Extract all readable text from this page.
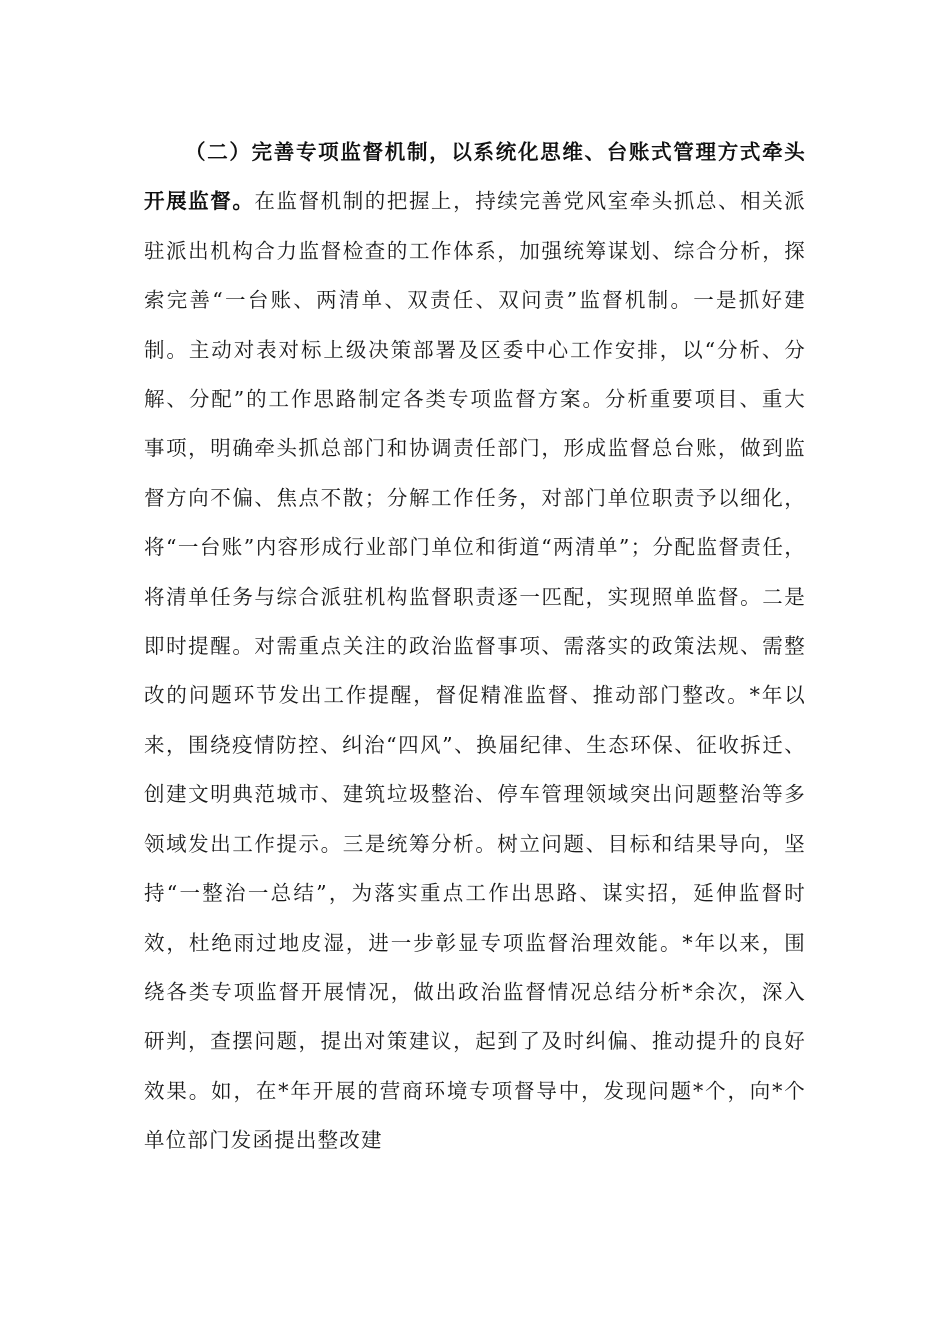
（二）完善专项监督机制，以系统化思维、台账式管理方式牵头开展监督。在监督机制的把握上，持续完善党风室牵头抓总、相关派驻派出机构合力监督检查的工作体系，加强统筹谋划、综合分析，探索完善“一台账、两清单、双责任、双问责”监督机制。一是抓好建制。主动对表对标上级决策部署及区委中心工作安排，以“分析、分解、分配”的工作思路制定各类专项监督方案。分析重要项目、重大事项，明确牵头抓总部门和协调责任部门，形成监督总台账，做到监督方向不偏、焦点不散；分解工作任务，对部门单位职责予以细化，将“一台账”内容形成行业部门单位和街道“两清单”；分配监督责任，将清单任务与综合派驻机构监督职责逐一匹配，实现照单监督。二是即时提醒。对需重点关注的政治监督事项、需落实的政策法规、需整改的问题环节发出工作提醒，督促精准监督、推动部门整改。*年以来，围绕疫情防控、纠治“四风”、换届纪律、生态环保、征收拆迁、创建文明典范城市、建筑垃圾整治、停车管理领域突出问题整治等多领域发出工作提示。三是统筹分析。树立问题、目标和结果导向，坚持“一整治一总结”，为落实重点工作出思路、谋实招，延伸监督时效，杜绝雨过地皮湿，进一步彰显专项监督治理效能。*年以来，围绕各类专项监督开展情况，做出政治监督情况总结分析*余次，深入研判，查摆问题，提出对策建议，起到了及时纠偏、推动提升的良好效果。如，在*年开展的营商环境专项督导中，发现问题*个，向*个单位部门发函提出整改建
